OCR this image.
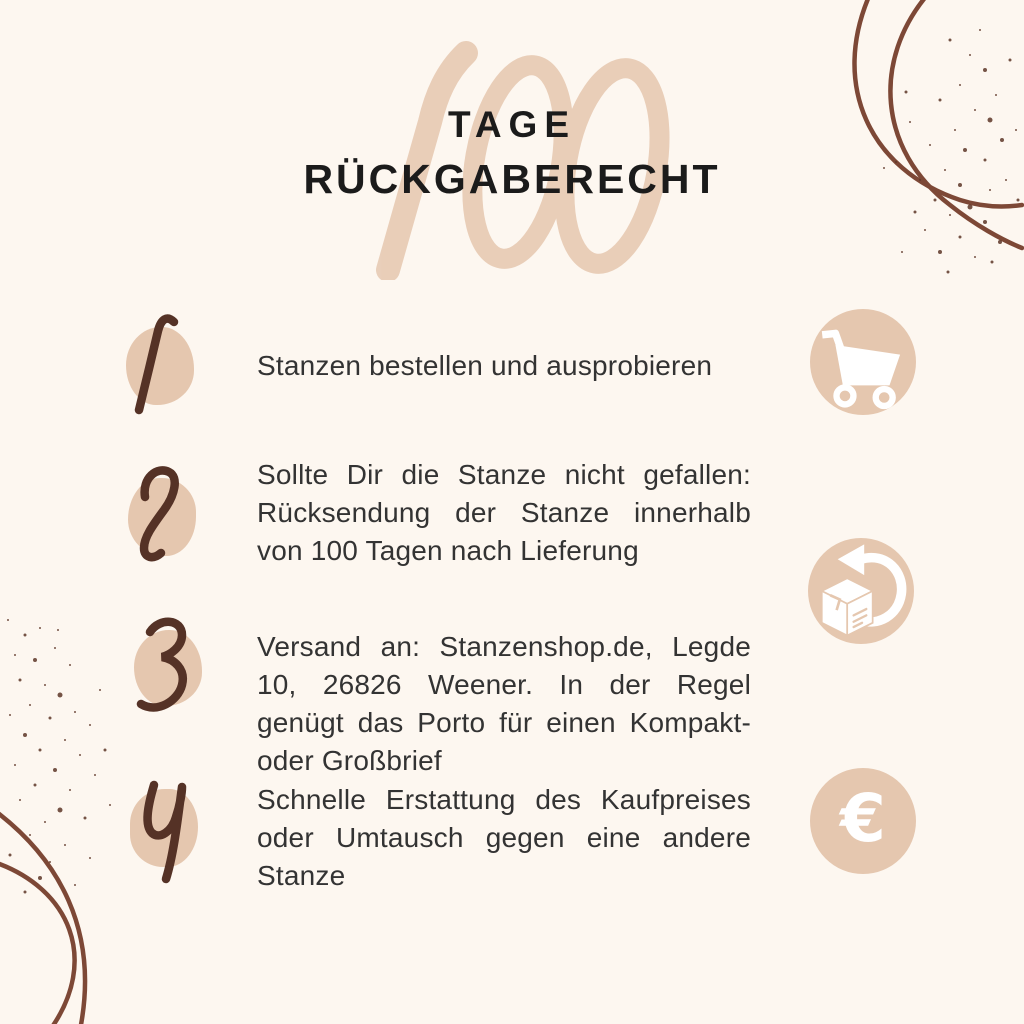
TAGE
RÜCKGABERECHT
Stanzen bestellen und ausprobieren
Sollte Dir die Stanze nicht gefallen: Rücksendung der Stanze innerhalb von 100 Tagen nach Lieferung
Versand an: Stanzenshop.de, Legde 10, 26826 Weener. In der Regel genügt das Porto für einen Kompakt- oder Großbrief
Schnelle Erstattung des Kaufpreises oder Umtausch gegen eine andere Stanze
€
